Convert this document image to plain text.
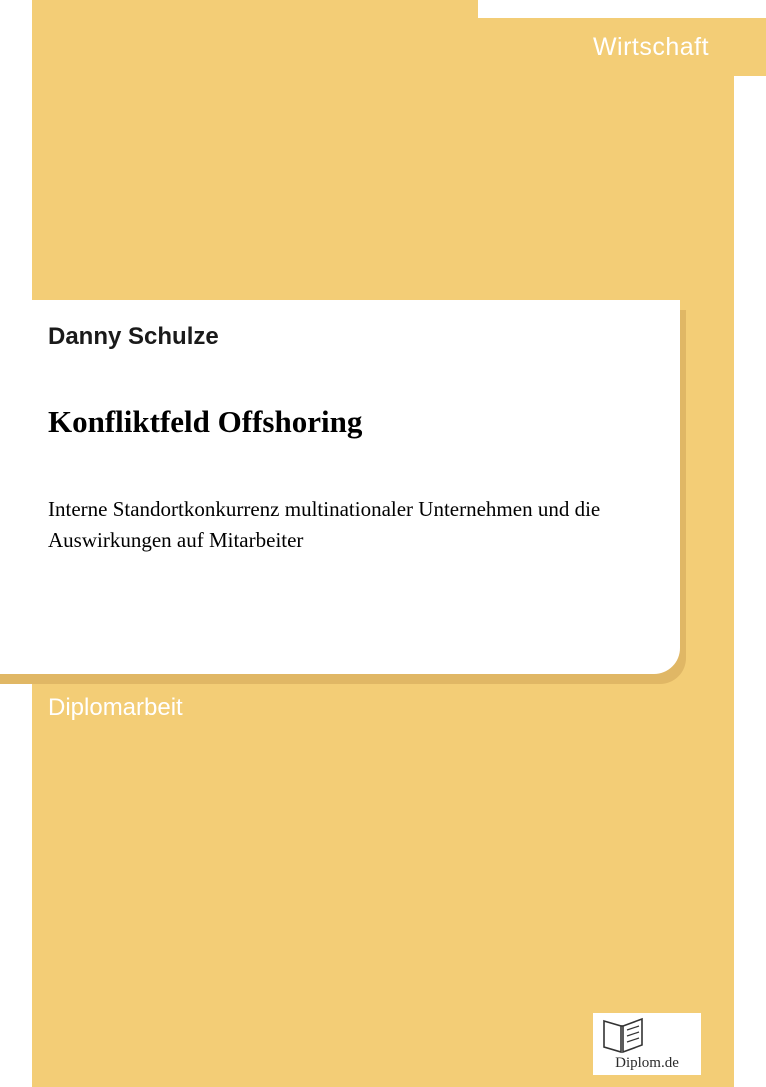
Wirtschaft
Danny Schulze
Konfliktfeld Offshoring
Interne Standortkonkurrenz multinationaler Unternehmen und die Auswirkungen auf Mitarbeiter
Diplomarbeit
Diplom.de
